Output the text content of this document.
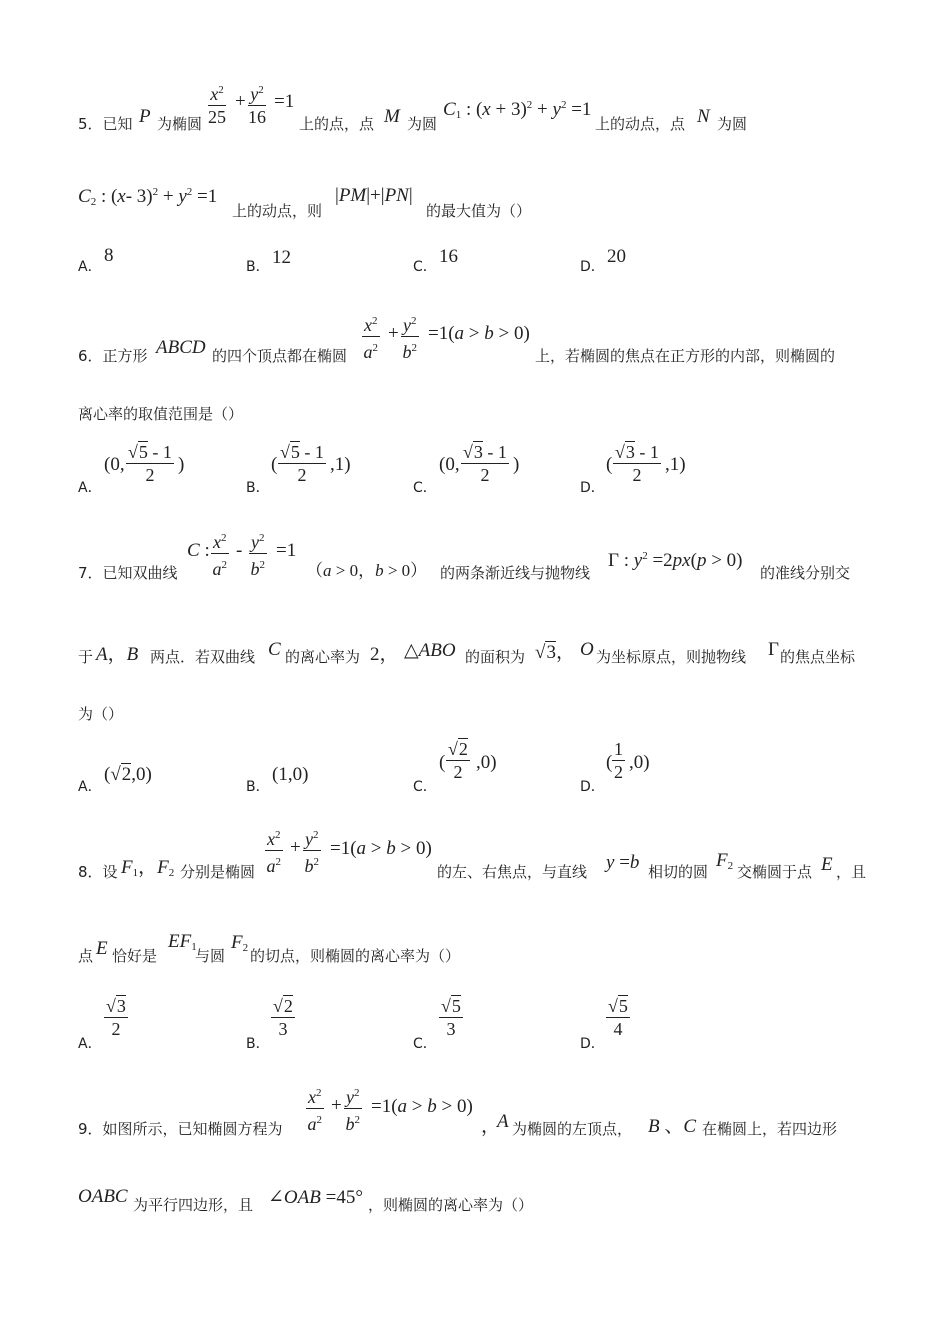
5．已知 P 为椭圆
$x^2$
25
+ $y^2$
16
=1
上的点，点 M 为圆
$C_1$ : $(x + 3)^2 + y^2 =1$
上的动点，点 N 为圆
$C_2$ : (x- $3)^2 + y^2 =1$
上的动点，则
|PM|+|PN|
的最大值为（）
A．
8
B． 12	C． 16	D． 20
6．正方形 ABCD 的四个顶点都在椭圆
$x^2$
$a^2$
+ $y^2$
$b^2$
=1(a > b > 0)
上，若椭圆的焦点在正方形的内部，则椭圆的
离心率的取值范围是（）
A．
(0,
√5 - 1
2 )
B．
(
√5 - 1
2 ,1)
C．
(0,
√3 - 1
2 )
D．
(
√3 - 1
2 ,1)
7．已知双曲线
C : $x^2$
$a^2$
- $y^2$
$b^2$
=1
（a > 0，b > 0） 的两条渐近线与抛物线
Γ : $y^2 =2px(p > 0)$
的准线分别交
于 A，B 两点．若双曲线 C 的离心率为 2， △ABO 的面积为 √3， O 为坐标原点，则抛物线 Γ 的焦点坐标
为（）
A．
(√2,0)
B．
(1,0)
C．
(
√2
2 ,0)
D．
(
1
2 ,0)
8．设 $F_1$，$F_2$ 分别是椭圆
$x^2$
$a^2$
+ $y^2$
$b^2$
=1(a > b > 0)
的左、右焦点，与直线 y =b 相切的圆
$F_2$ 交椭圆于点 E ，且
点 E 恰好是
$EF_1$
与圆
$F_2$ 的切点，则椭圆的离心率为（）
A．
√3
2
B．
√2
3
C．
√5
3
D．
√5
4
9．如图所示，已知椭圆方程为
$x^2$
$a^2$
+ $y^2$
$b^2$
=1(a > b > 0)
，
A 为椭圆的左顶点， B 、C 在椭圆上，若四边形
OABC 为平行四边形，且 ∠OAB =45° ，则椭圆的离心率为（）
